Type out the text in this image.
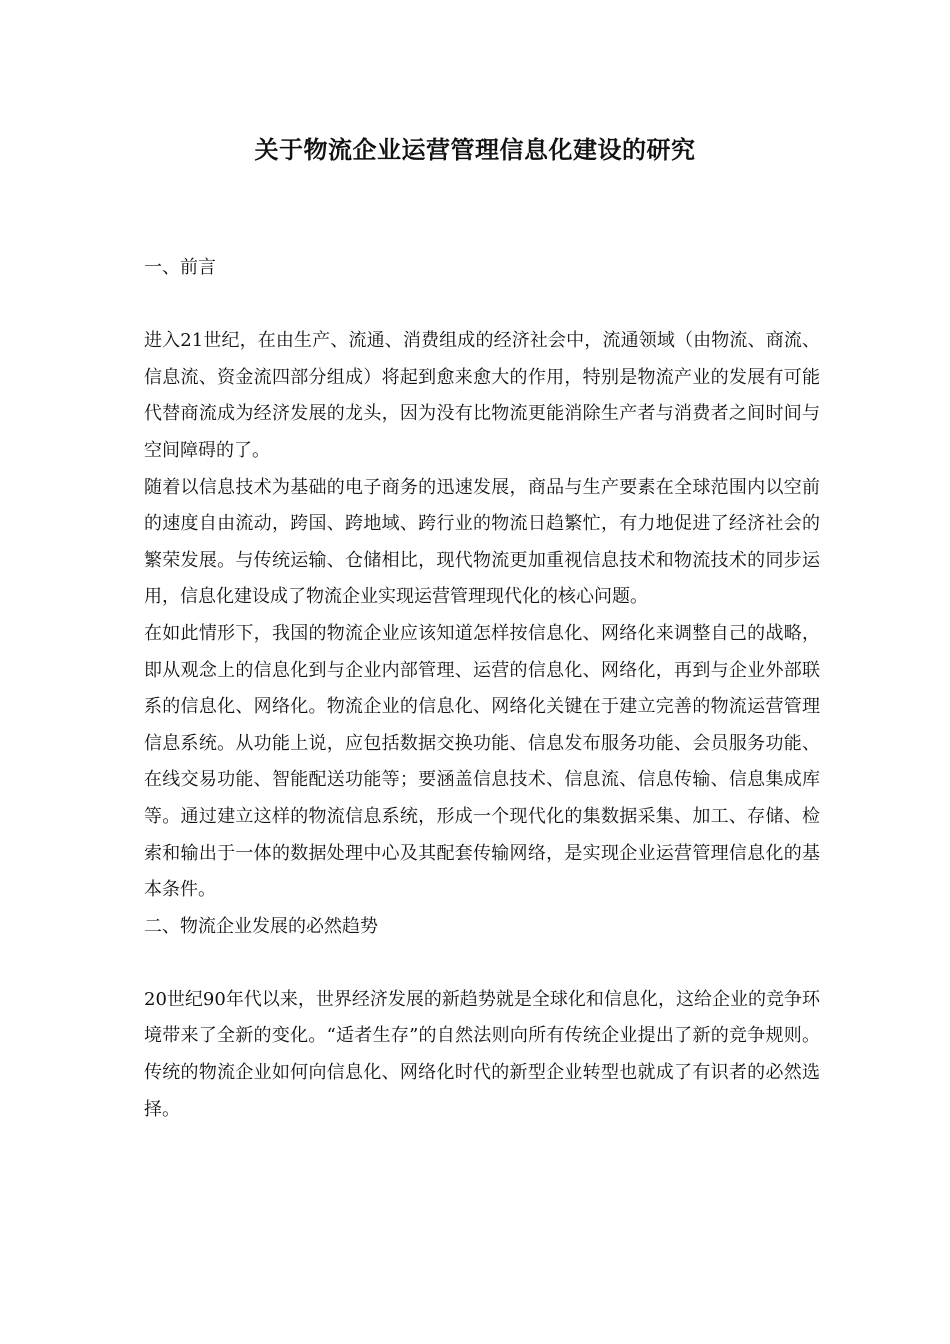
关于物流企业运营管理信息化建设的研究
一、前言

进入21世纪，在由生产、流通、消费组成的经济社会中，流通领域（由物流、商流、信息流、资金流四部分组成）将起到愈来愈大的作用，特别是物流产业的发展有可能代替商流成为经济发展的龙头，因为没有比物流更能消除生产者与消费者之间时间与空间障碍的了。

随着以信息技术为基础的电子商务的迅速发展，商品与生产要素在全球范围内以空前的速度自由流动，跨国、跨地域、跨行业的物流日趋繁忙，有力地促进了经济社会的繁荣发展。与传统运输、仓储相比，现代物流更加重视信息技术和物流技术的同步运用，信息化建设成了物流企业实现运营管理现代化的核心问题。

在如此情形下，我国的物流企业应该知道怎样按信息化、网络化来调整自己的战略，即从观念上的信息化到与企业内部管理、运营的信息化、网络化，再到与企业外部联系的信息化、网络化。物流企业的信息化、网络化关键在于建立完善的物流运营管理信息系统。从功能上说，应包括数据交换功能、信息发布服务功能、会员服务功能、在线交易功能、智能配送功能等；要涵盖信息技术、信息流、信息传输、信息集成库等。通过建立这样的物流信息系统，形成一个现代化的集数据采集、加工、存储、检索和输出于一体的数据处理中心及其配套传输网络，是实现企业运营管理信息化的基本条件。

二、物流企业发展的必然趋势

20世纪90年代以来，世界经济发展的新趋势就是全球化和信息化，这给企业的竞争环境带来了全新的变化。“适者生存”的自然法则向所有传统企业提出了新的竞争规则。传统的物流企业如何向信息化、网络化时代的新型企业转型也就成了有识者的必然选择。
